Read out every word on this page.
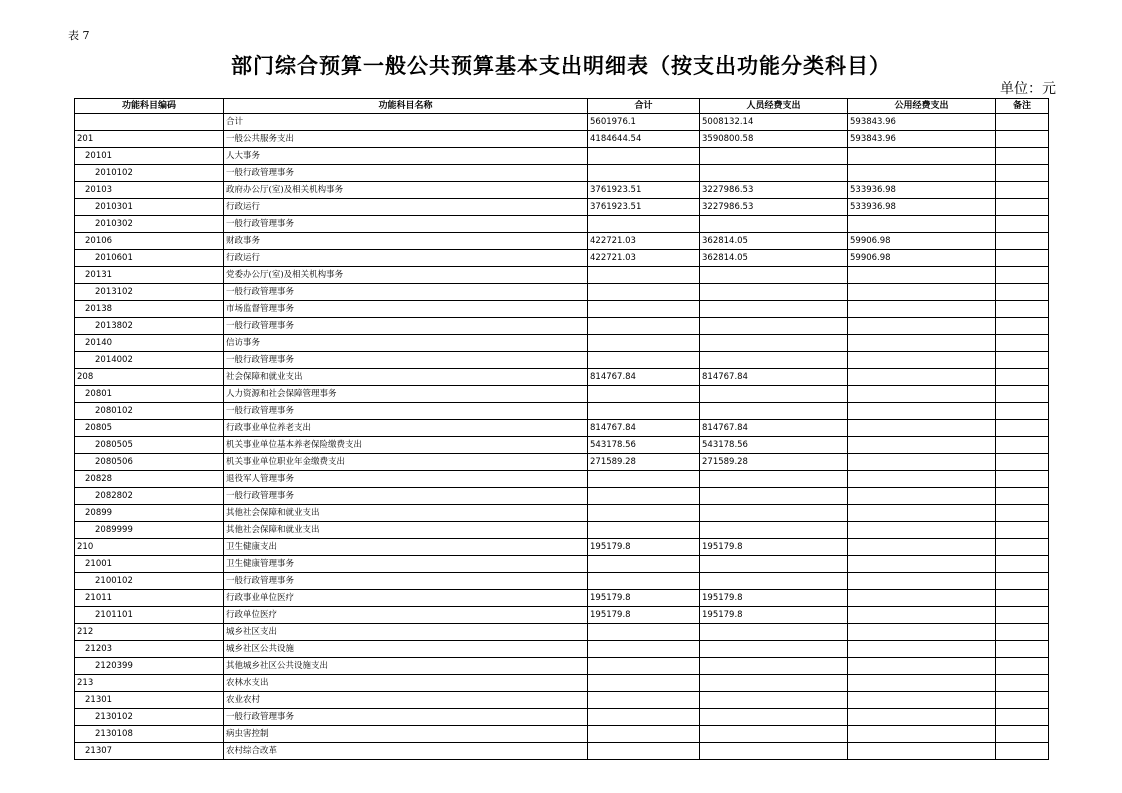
表 7
部门综合预算一般公共预算基本支出明细表（按支出功能分类科目）
单位：元
功能科目编码	功能科目名称	合计	人员经费支出	公用经费支出	备注
	合计	5601976.1	5008132.14	593843.96	
201	一般公共服务支出	4184644.54	3590800.58	593843.96	
20101	人大事务				
2010102	一般行政管理事务				
20103	政府办公厅(室)及相关机构事务	3761923.51	3227986.53	533936.98	
2010301	行政运行	3761923.51	3227986.53	533936.98	
2010302	一般行政管理事务				
20106	财政事务	422721.03	362814.05	59906.98	
2010601	行政运行	422721.03	362814.05	59906.98	
20131	党委办公厅(室)及相关机构事务				
2013102	一般行政管理事务				
20138	市场监督管理事务				
2013802	一般行政管理事务				
20140	信访事务				
2014002	一般行政管理事务				
208	社会保障和就业支出	814767.84	814767.84		
20801	人力资源和社会保障管理事务				
2080102	一般行政管理事务				
20805	行政事业单位养老支出	814767.84	814767.84		
2080505	机关事业单位基本养老保险缴费支出	543178.56	543178.56		
2080506	机关事业单位职业年金缴费支出	271589.28	271589.28		
20828	退役军人管理事务				
2082802	一般行政管理事务				
20899	其他社会保障和就业支出				
2089999	其他社会保障和就业支出				
210	卫生健康支出	195179.8	195179.8		
21001	卫生健康管理事务				
2100102	一般行政管理事务				
21011	行政事业单位医疗	195179.8	195179.8		
2101101	行政单位医疗	195179.8	195179.8		
212	城乡社区支出				
21203	城乡社区公共设施				
2120399	其他城乡社区公共设施支出				
213	农林水支出				
21301	农业农村				
2130102	一般行政管理事务				
2130108	病虫害控制				
21307	农村综合改革				
